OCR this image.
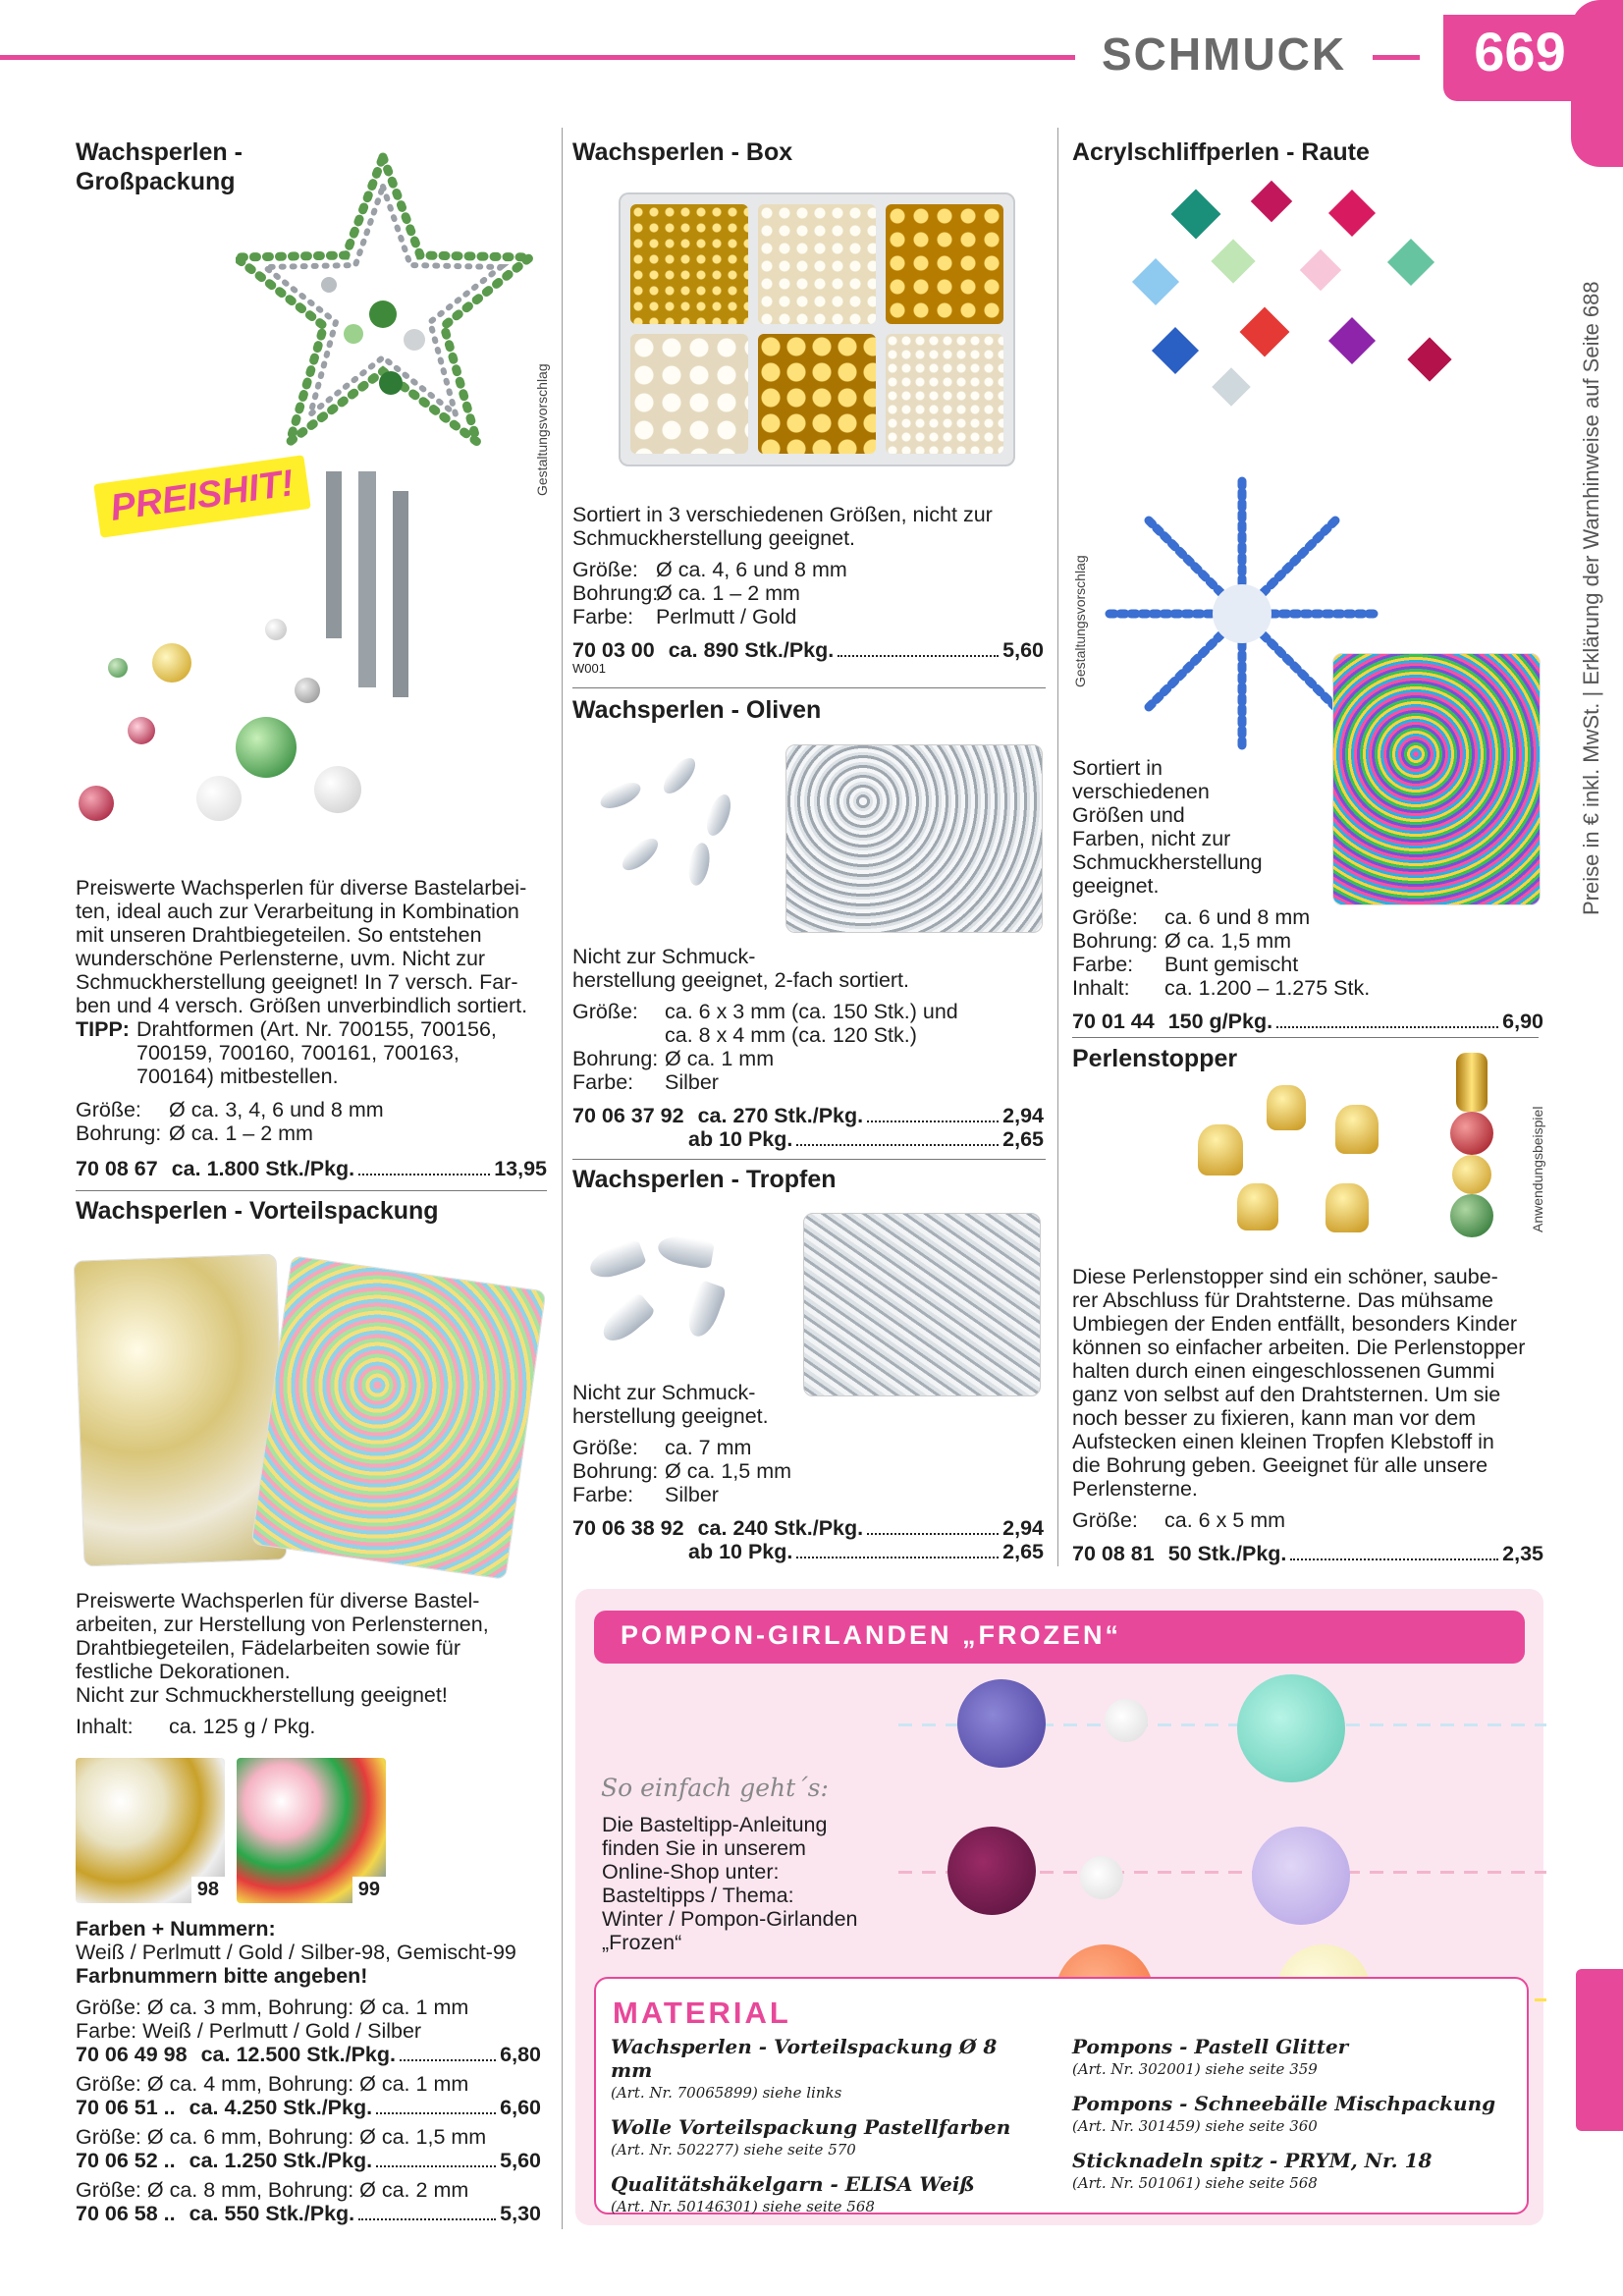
SCHMUCK	669
Preise in € inkl. MwSt. | Erklärung der Warnhinweise auf Seite 688
Wachsperlen -
Großpackung
PREISHIT!
Gestaltungsvorschlag
Preiswerte Wachsperlen für diverse Bastelarbei-
ten, ideal auch zur Verarbeitung in Kombination
mit unseren Drahtbiegeteilen. So entstehen
wunderschöne Perlensterne, uvm. Nicht zur
Schmuckherstellung geeignet! In 7 versch. Far-
ben und 4 versch. Größen unverbindlich sortiert.
TIPP: Drahtformen (Art. Nr. 700155, 700156,
700159, 700160, 700161, 700163,
700164) mitbestellen.
Größe:	Ø ca. 3, 4, 6 und 8 mm
Bohrung: Ø ca. 1 – 2 mm
70 08 67 ca. 1.800 Stk./Pkg.	13,95
Wachsperlen - Vorteilspackung
Preiswerte Wachsperlen für diverse Bastel-
arbeiten, zur Herstellung von Perlensternen,
Drahtbiegeteilen, Fädelarbeiten sowie für
festliche Dekorationen.
Nicht zur Schmuckherstellung geeignet!
Inhalt:	ca. 125 g / Pkg.
98	99
Farben + Nummern:
Weiß / Perlmutt / Gold / Silber-98, Gemischt-99
Farbnummern bitte angeben!
Größe: Ø ca. 3 mm, Bohrung: Ø ca. 1 mm
Farbe: Weiß / Perlmutt / Gold / Silber
70 06 49 98 ca. 12.500 Stk./Pkg.	6,80
Größe: Ø ca. 4 mm, Bohrung: Ø ca. 1 mm
70 06 51 .. ca. 4.250 Stk./Pkg.	6,60
Größe: Ø ca. 6 mm, Bohrung: Ø ca. 1,5 mm
70 06 52 .. ca. 1.250 Stk./Pkg.	5,60
Größe: Ø ca. 8 mm, Bohrung: Ø ca. 2 mm
70 06 58 .. ca. 550 Stk./Pkg.	5,30
Wachsperlen - Box
Sortiert in 3 verschiedenen Größen, nicht zur
Schmuckherstellung geeignet.
Größe: Ø ca. 4, 6 und 8 mm
Bohrung:
Ø ca. 1 – 2 mm
Farbe:	Perlmutt / Gold
70 03 00 ca. 890 Stk./Pkg.	5,60
W001
Wachsperlen - Oliven
Nicht zur Schmuck-
herstellung geeignet, 2-fach sortiert.
Größe:	ca. 6 x 3 mm (ca. 150 Stk.) und
ca. 8 x 4 mm (ca. 120 Stk.)
Bohrung: Ø ca. 1 mm
Farbe:	Silber
70 06 37 92 ca. 270 Stk./Pkg.	2,94
ab 10 Pkg.	2,65
Wachsperlen - Tropfen
Nicht zur Schmuck-
herstellung geeignet.
Größe:	ca. 7 mm
Bohrung: Ø ca. 1,5 mm
Farbe:	Silber
70 06 38 92 ca. 240 Stk./Pkg.	2,94
ab 10 Pkg.	2,65
Acrylschliffperlen - Raute
Gestaltungsvorschlag
Sortiert in
verschiedenen
Größen und
Farben, nicht zur
Schmuckherstellung
geeignet.
Größe:	ca. 6 und 8 mm
Bohrung: Ø ca. 1,5 mm
Farbe:	Bunt gemischt
Inhalt:	ca. 1.200 – 1.275 Stk.
70 01 44 150 g/Pkg.	6,90
Perlenstopper
Anwendungsbeispiel
Diese Perlenstopper sind ein schöner, saube-
rer Abschluss für Drahtsterne. Das mühsame
Umbiegen der Enden entfällt, besonders Kinder
können so einfacher arbeiten. Die Perlenstopper
halten durch einen eingeschlossenen Gummi
ganz von selbst auf den Drahtsternen. Um sie
noch besser zu fixieren, kann man vor dem
Aufstecken einen kleinen Tropfen Klebstoff in
die Bohrung geben. Geeignet für alle unsere
Perlensterne.
Größe:	ca. 6 x 5 mm
70 08 81 50 Stk./Pkg.	2,35
POMPON-GIRLANDEN „FROZEN“
So einfach geht´s:
Die Basteltipp-Anleitung
finden Sie in unserem
Online-Shop unter:
Basteltipps / Thema:
Winter / Pompon-Girlanden
„Frozen“
MATERIAL
Wachsperlen - Vorteilspackung Ø 8 mm
(Art. Nr. 70065899) siehe links
Wolle Vorteilspackung Pastellfarben
(Art. Nr. 502277) siehe seite 570
Qualitätshäkelgarn - ELISA Weiß
(Art. Nr. 50146301) siehe seite 568
Pompons - Pastell Glitter
(Art. Nr. 302001) siehe seite 359
Pompons - Schneebälle Mischpackung
(Art. Nr. 301459) siehe seite 360
Sticknadeln spitz - PRYM, Nr. 18
(Art. Nr. 501061) siehe seite 568
